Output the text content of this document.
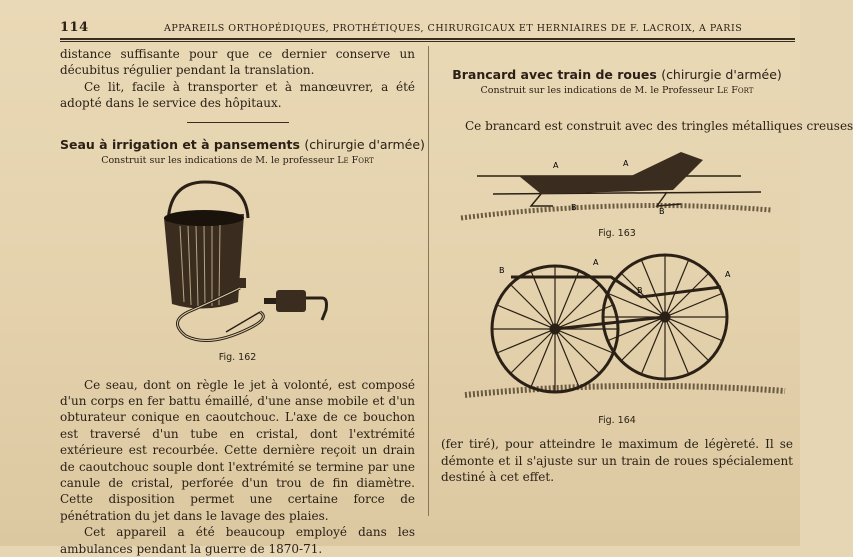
114	APPAREILS ORTHOPÉDIQUES, PROTHÉTIQUES, CHIRURGICAUX ET HERNIAIRES DE F. LACROIX, A PARIS

distance suffisante pour que ce dernier conserve un décubitus régulier pendant la translation.

Ce lit, facile à transporter et à manœuvrer, a été adopté dans le service des hôpitaux.

Seau à irrigation et à pansements (chirurgie d'armée)
Construit sur les indications de M. le professeur Le Fort
Fig. 162

Ce seau, dont on règle le jet à volonté, est composé d'un corps en fer battu émaillé, d'une anse mobile et d'un obturateur conique en caoutchouc. L'axe de ce bouchon est traversé d'un tube en cristal, dont l'extrémité extérieure est recourbée. Cette dernière reçoit un drain de caoutchouc souple dont l'extrémité se termine par une canule de cristal, perforée d'un trou de fin diamètre. Cette disposition permet une certaine force de pénétration du jet dans le lavage des plaies.

Cet appareil a été beaucoup employé dans les ambulances pendant la guerre de 1870-71.

Brancard avec train de roues (chirurgie d'armée)
Construit sur les indications de M. le Professeur Le Fort

Ce brancard est construit avec des tringles métalliques creuses

A	A
B	B
Fig. 163
B
A
B
A
Fig. 164

(fer tiré), pour atteindre le maximum de légèreté. Il se démonte et il s'ajuste sur un train de roues spécialement destiné à cet effet.
